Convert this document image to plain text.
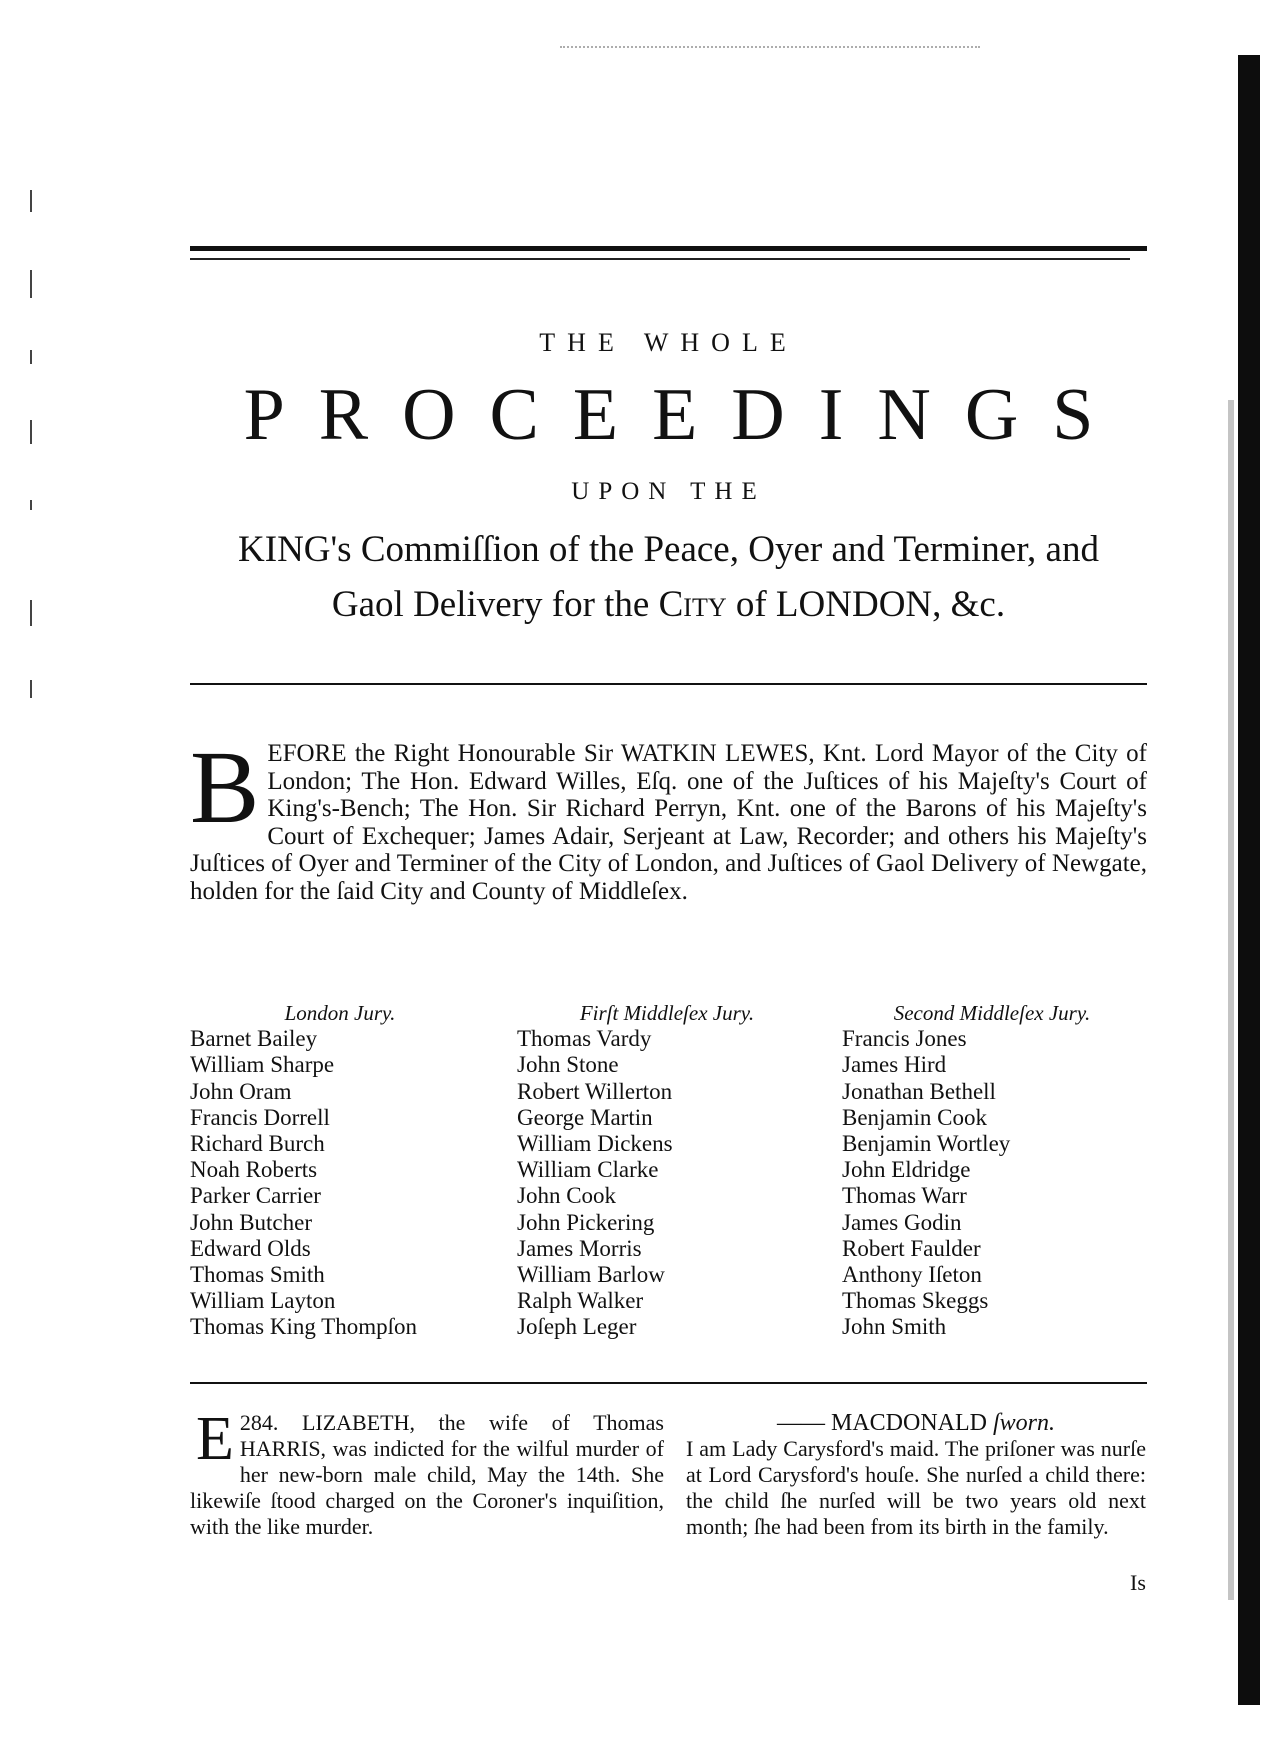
THE WHOLE
PROCEEDINGS
UPON THE
KING's Commiſſion of the Peace, Oyer and Terminer, and
Gaol Delivery for the City of LONDON, &c.
BEFORE the Right Honourable Sir WATKIN LEWES, Knt. Lord Mayor of the City of London; The Hon. Edward Willes, Eſq. one of the Juſtices of his Majeſty's Court of King's-Bench; The Hon. Sir Richard Perryn, Knt. one of the Barons of his Majeſty's Court of Exchequer; James Adair, Serjeant at Law, Recorder; and others his Majeſty's Juſtices of Oyer and Terminer of the City of London, and Juſtices of Gaol Delivery of Newgate, holden for the ſaid City and County of Middleſex.
London Jury.
Barnet Bailey
William Sharpe
John Oram
Francis Dorrell
Richard Burch
Noah Roberts
Parker Carrier
John Butcher
Edward Olds
Thomas Smith
William Layton
Thomas King Thompſon
Firſt Middleſex Jury.
Thomas Vardy
John Stone
Robert Willerton
George Martin
William Dickens
William Clarke
John Cook
John Pickering
James Morris
William Barlow
Ralph Walker
Joſeph Leger
Second Middleſex Jury.
Francis Jones
James Hird
Jonathan Bethell
Benjamin Cook
Benjamin Wortley
John Eldridge
Thomas Warr
James Godin
Robert Faulder
Anthony Iſeton
Thomas Skeggs
John Smith
284.
E	LIZABETH, the wife of Thomas HARRIS, was indicted for the wilful murder of her new-born male child, May the 14th. She likewiſe ſtood charged on the Coroner's inquiſition, with the like murder.
—— MACDONALD ſworn.
I am Lady Carysford's maid. The priſoner was nurſe at Lord Carysford's houſe. She nurſed a child there: the child ſhe nurſed will be two years old next month; ſhe had been from its birth in the family.
Is
